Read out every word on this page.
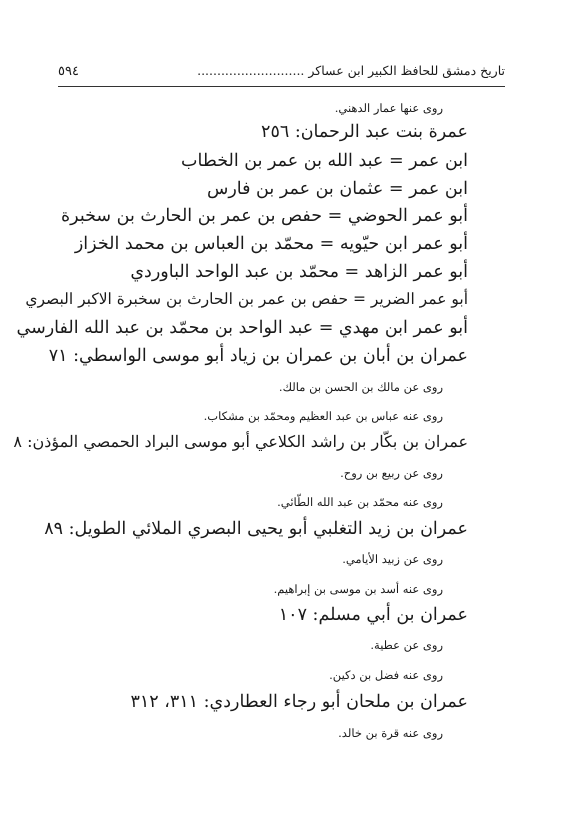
تاريخ دمشق للحافظ الكبير ابن عساكر ...........................
٥٩٤
روى عنها عمار الدهني.
عمرة بنت عبد الرحمان: ٢٥٦
ابن عمر = عبد الله بن عمر بن الخطاب
ابن عمر = عثمان بن عمر بن فارس
أبو عمر الحوضي = حفص بن عمر بن الحارث بن سخبرة
أبو عمر ابن حيّويه = محمّد بن العباس بن محمد الخزاز
أبو عمر الزاهد = محمّد بن عبد الواحد الباوردي
أبو عمر الضرير = حفص بن عمر بن الحارث بن سخبرة الاكبر البصري
أبو عمر ابن مهدي = عبد الواحد بن محمّد بن عبد الله الفارسي
عمران بن أبان بن عمران بن زياد أبو موسى الواسطي: ٧١
روى عن مالك بن الحسن بن مالك.
روى عنه عباس بن عبد العظيم ومحمّد بن مشكاب.
عمران بن بكّار بن راشد الكلاعي أبو موسى البراد الحمصي المؤذن: ٨
روى عن ربيع بن روح.
روى عنه محمّد بن عبد الله الطّائي.
عمران بن زيد التغلبي أبو يحيى البصري الملائي الطويل: ٨٩
روى عن زبيد الأيامي.
روى عنه أسد بن موسى بن إبراهيم.
عمران بن أبي مسلم: ١٠٧
روى عن عطية.
روى عنه فضل بن دكين.
عمران بن ملحان أبو رجاء العطاردي: ٣١١، ٣١٢
روى عنه قرة بن خالد.
